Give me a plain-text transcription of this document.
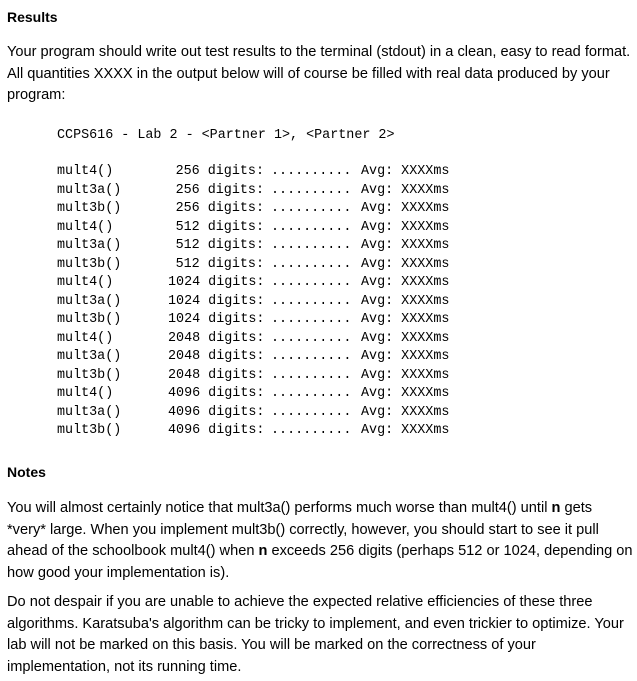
Results

Your program should write out test results to the terminal (stdout) in a clean, easy to read format. All quantities XXXX in the output below will of course be filled with real data produced by your program:

CCPS616 - Lab 2 - <Partner 1>, <Partner 2>
mult4()	256 digits: .......... Avg: XXXXms
mult3a()	256 digits: .......... Avg: XXXXms
mult3b()	256 digits: .......... Avg: XXXXms
mult4()	512 digits: .......... Avg: XXXXms
mult3a()	512 digits: .......... Avg: XXXXms
mult3b()	512 digits: .......... Avg: XXXXms
mult4()	1024 digits: .......... Avg: XXXXms
mult3a()	1024 digits: .......... Avg: XXXXms
mult3b()	1024 digits: .......... Avg: XXXXms
mult4()	2048 digits: .......... Avg: XXXXms
mult3a()	2048 digits: .......... Avg: XXXXms
mult3b()	2048 digits: .......... Avg: XXXXms
mult4()	4096 digits: .......... Avg: XXXXms
mult3a()	4096 digits: .......... Avg: XXXXms
mult3b()	4096 digits: .......... Avg: XXXXms
Notes

You will almost certainly notice that mult3a() performs much worse than mult4() until n gets *very* large. When you implement mult3b() correctly, however, you should start to see it pull ahead of the schoolbook mult4() when n exceeds 256 digits (perhaps 512 or 1024, depending on how good your implementation is).

Do not despair if you are unable to achieve the expected relative efficiencies of these three algorithms. Karatsuba's algorithm can be tricky to implement, and even trickier to optimize. Your lab will not be marked on this basis. You will be marked on the correctness of your implementation, not its running time.
